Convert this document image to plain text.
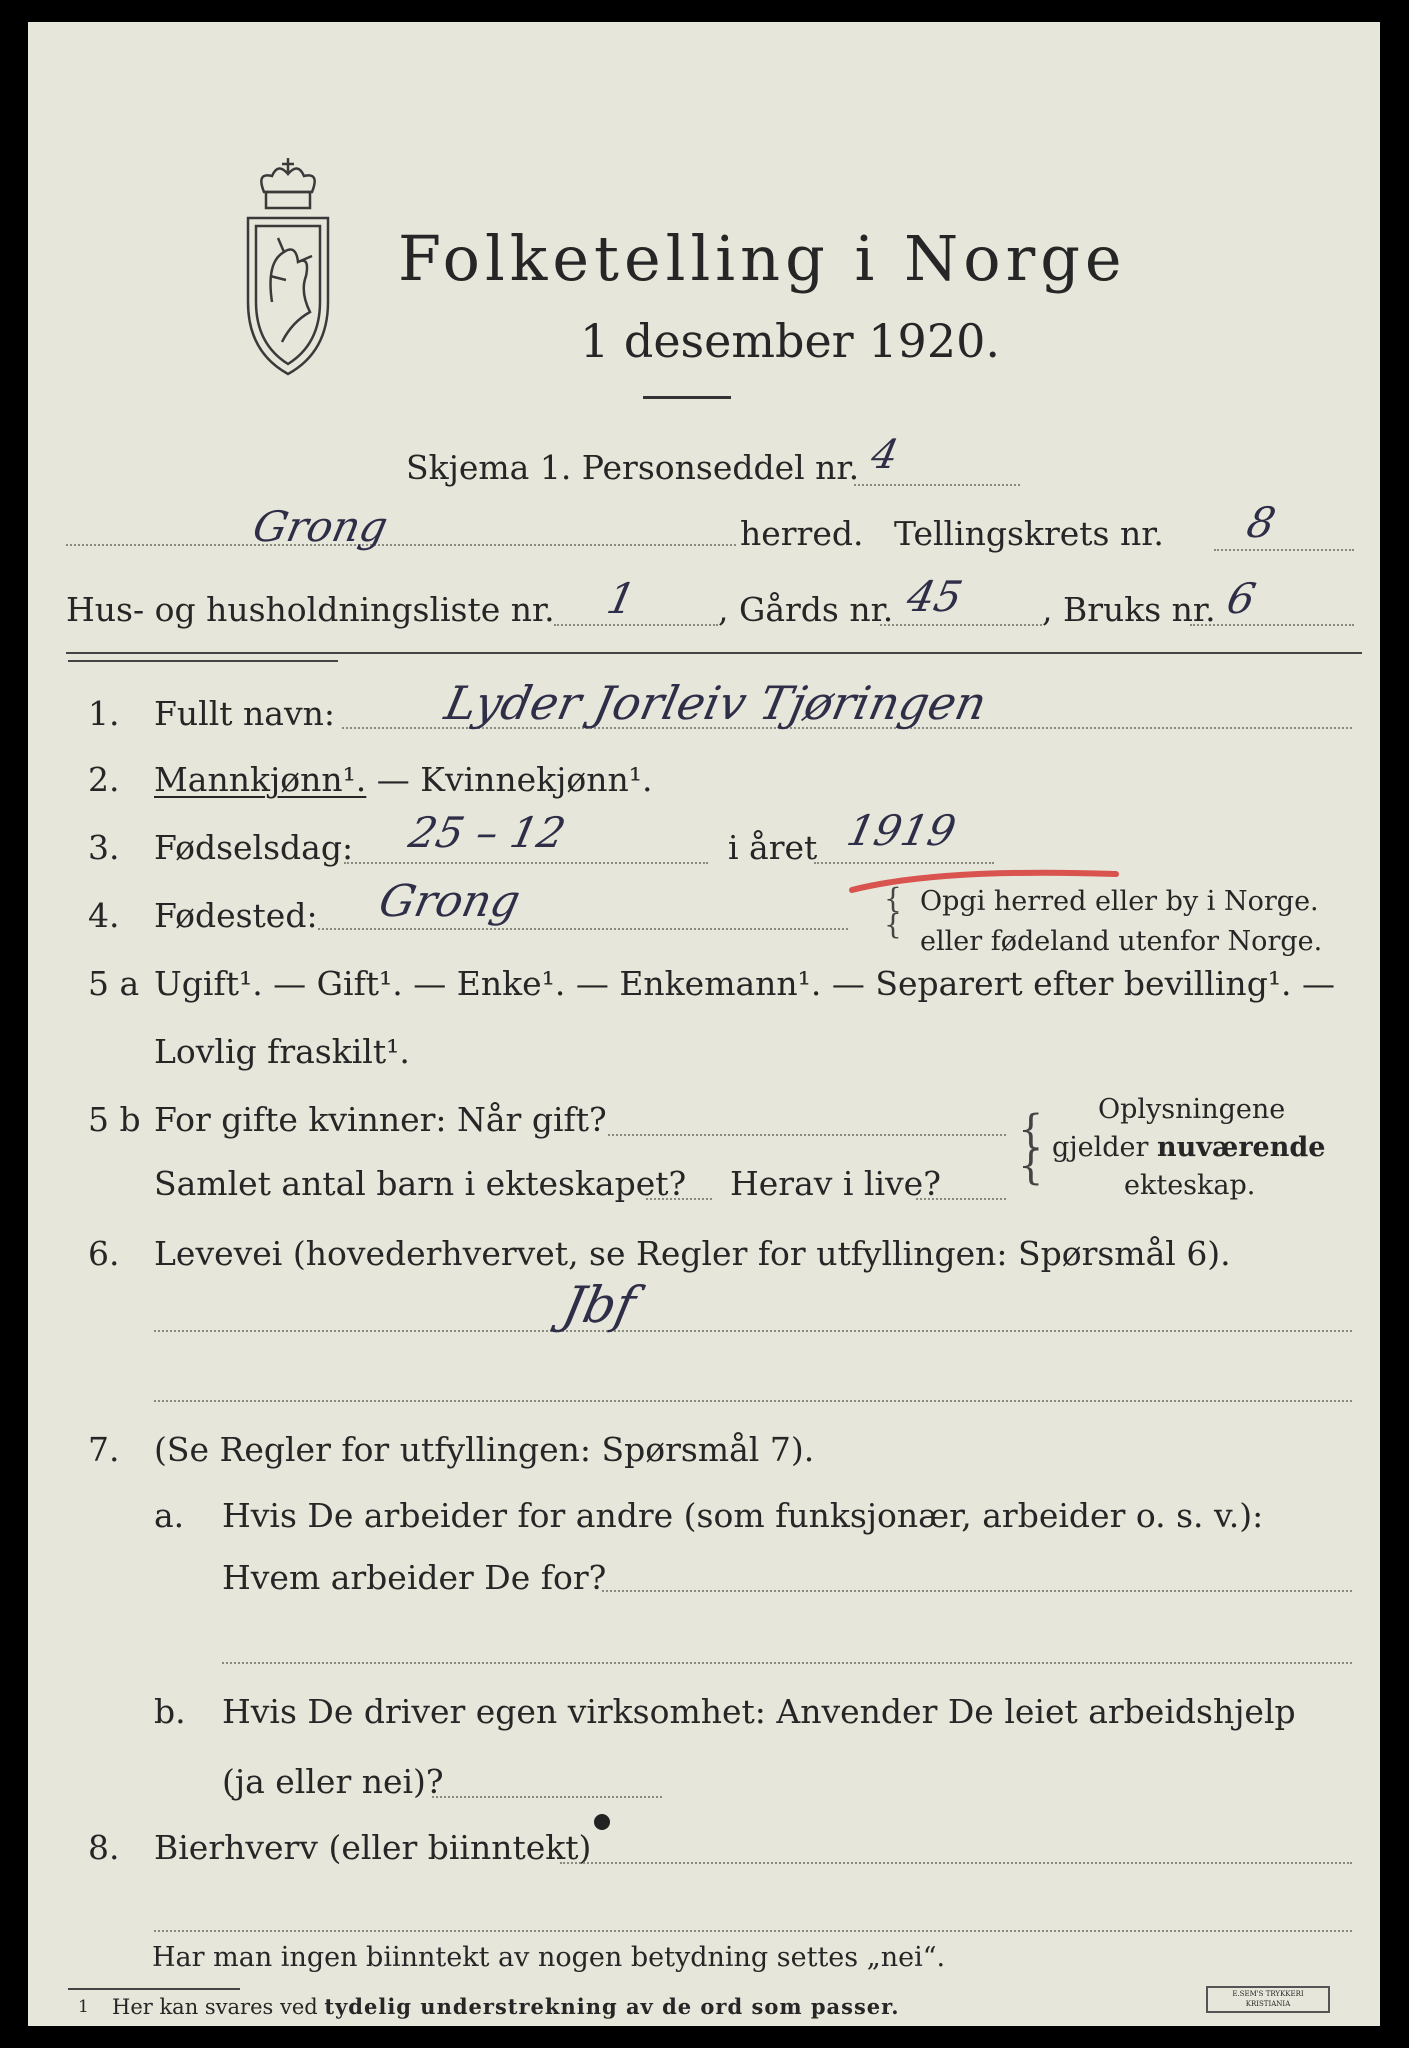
Folketelling i Norge
1 desember 1920.
Skjema 1. Personseddel nr. 4
Grong	herred. Tellingskrets nr. 8
Hus- og husholdningsliste nr. 1 , Gårds nr. 45 , Bruks nr. 6
1. Fullt navn: Lyder Jorleiv Tjøringen
2. Mannkjønn¹. — Kvinnekjønn¹.
3. Fødselsdag: 25 – 12	i året 1919
4. Fødested: Grong	{
{
Opgi herred eller by i Norge.
eller fødeland utenfor Norge.
5 a Ugift¹. — Gift¹. — Enke¹. — Enkemann¹. — Separert efter bevilling¹. —
Lovlig fraskilt¹.
5 b For gifte kvinner: Når gift?
Samlet antal barn i ekteskapet? Herav i live?
{
{
Oplysningene
gjelder nuværende
ekteskap.
6. Levevei (hovederhvervet, se Regler for utfyllingen: Spørsmål 6).
Jbf
7. (Se Regler for utfyllingen: Spørsmål 7).
a. Hvis De arbeider for andre (som funksjonær, arbeider o. s. v.):
Hvem arbeider De for?
b. Hvis De driver egen virksomhet: Anvender De leiet arbeidshjelp
(ja eller nei)?
8. Bierhverv (eller biinntekt)
Har man ingen biinntekt av nogen betydning settes „nei“.
1 Her kan svares ved tydelig understrekning av de ord som passer.	E.SEM'S TRYKKERI
KRISTIANIA
